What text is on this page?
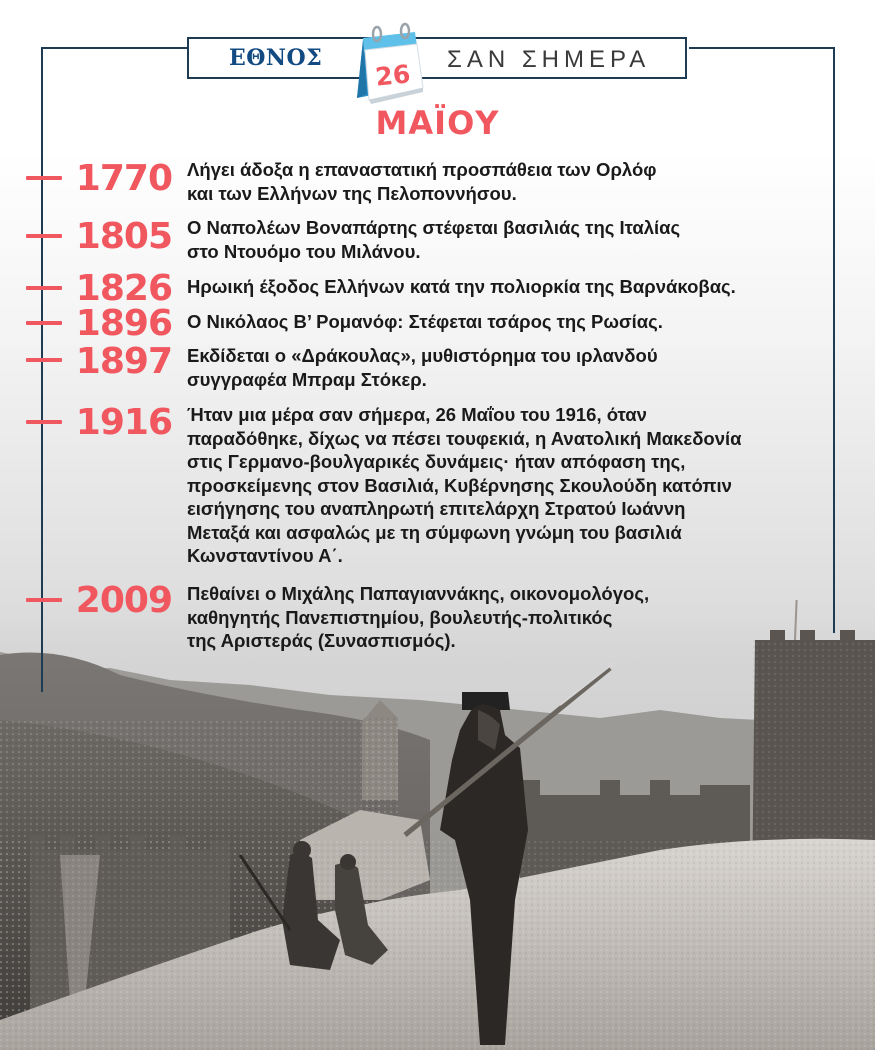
ΕΘΝΟΣ	ΣΑΝ ΣΗΜΕΡΑ
26
ΜΑΪΟΥ
1770 Λήγει άδοξα η επαναστατική προσπάθεια των Ορλόφ
και των Ελλήνων της Πελοποννήσου.
1805 Ο Ναπολέων Βοναπάρτης στέφεται βασιλιάς της Ιταλίας
στο Ντουόμο του Μιλάνου.
1826 Ηρωική έξοδος Ελλήνων κατά την πολιορκία της Βαρνάκοβας.
1896 Ο Νικόλαος Β’ Ρομανόφ: Στέφεται τσάρος της Ρωσίας.
1897 Εκδίδεται ο «Δράκουλας», μυθιστόρημα του ιρλανδού
συγγραφέα Μπραμ Στόκερ.
1916 Ήταν μια μέρα σαν σήμερα, 26 Μαΐου του 1916, όταν
παραδόθηκε, δίχως να πέσει τουφεκιά, η Ανατολική Μακεδονία
στις Γερμανο-βουλγαρικές δυνάμεις· ήταν απόφαση της,
προσκείμενης στον Βασιλιά, Κυβέρνησης Σκουλούδη κατόπιν
εισήγησης του αναπληρωτή επιτελάρχη Στρατού Ιωάννη
Μεταξά και ασφαλώς με τη σύμφωνη γνώμη του βασιλιά
Κωνσταντίνου Α΄.
2009 Πεθαίνει ο Μιχάλης Παπαγιαννάκης, οικονομολόγος,
καθηγητής Πανεπιστημίου, βουλευτής-πολιτικός
της Αριστεράς (Συνασπισμός).
